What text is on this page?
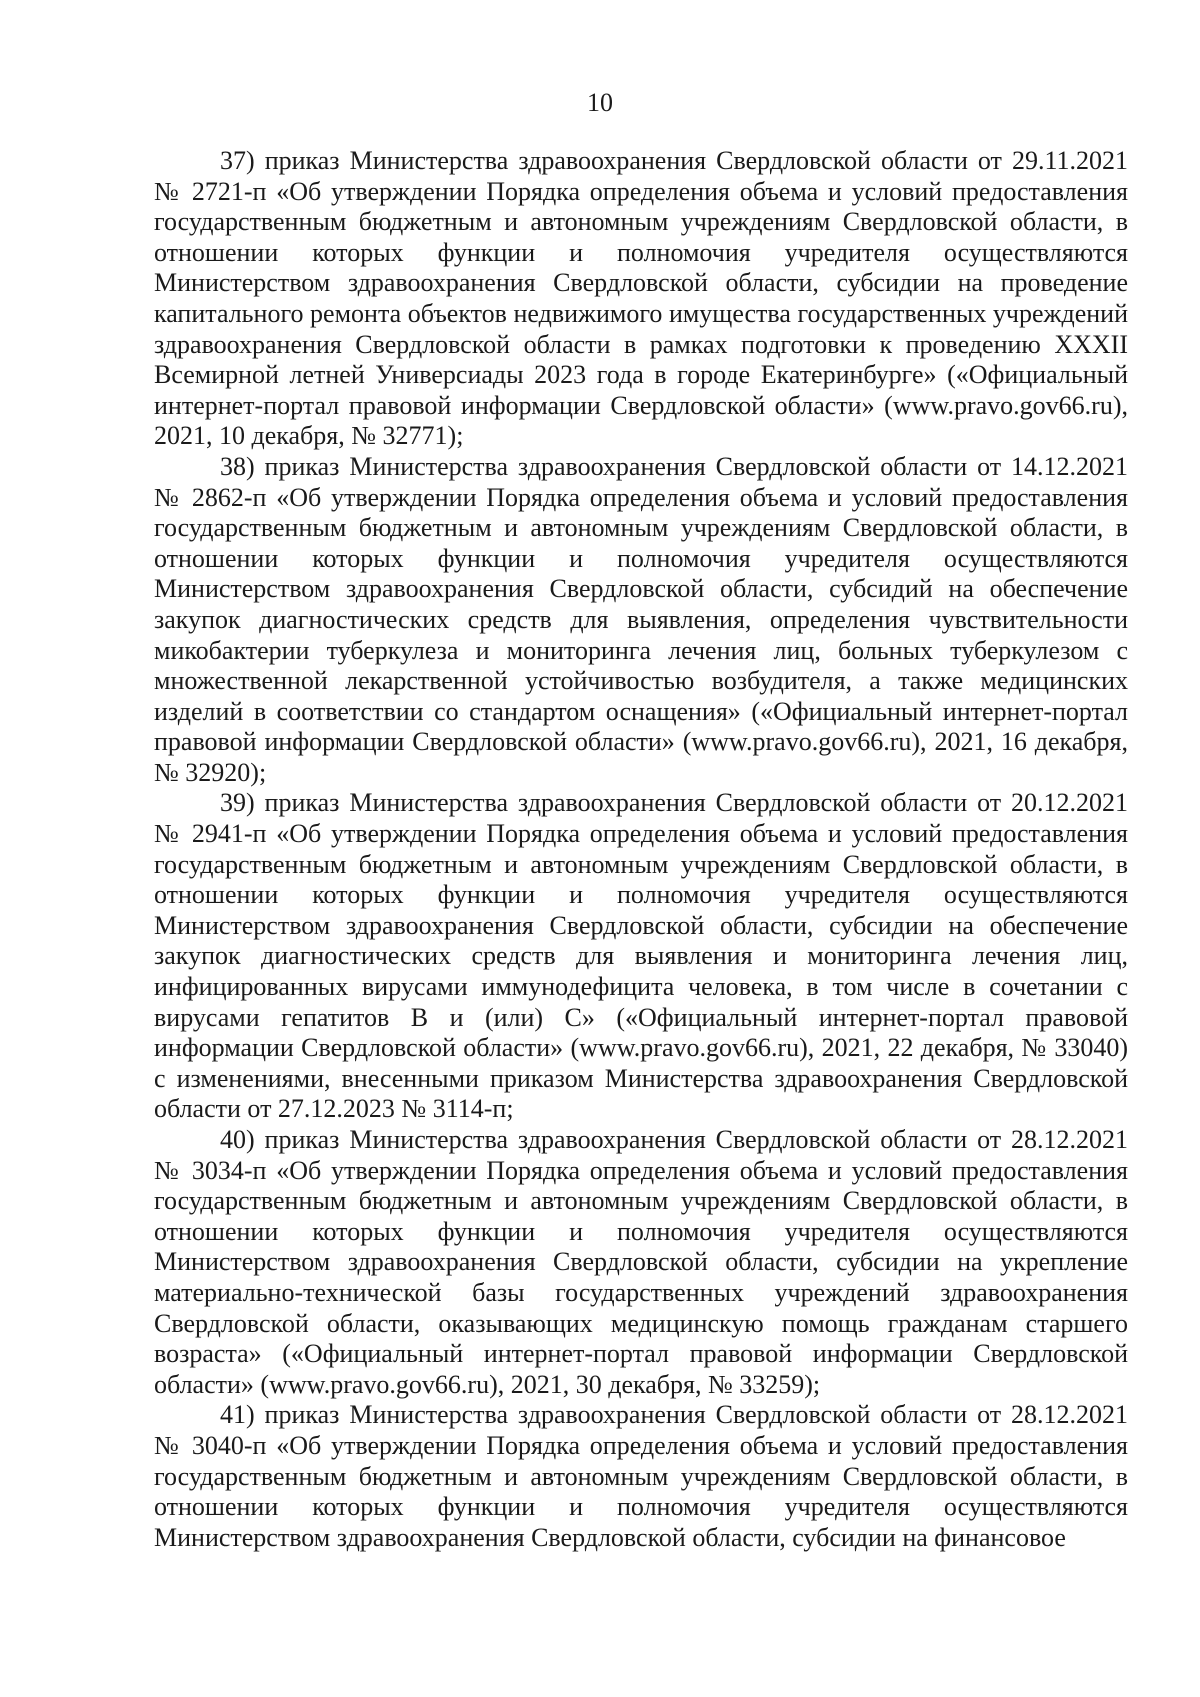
10

37) приказ Министерства здравоохранения Свердловской области от 29.11.2021 № 2721-п «Об утверждении Порядка определения объема и условий предоставления государственным бюджетным и автономным учреждениям Свердловской области, в отношении которых функции и полномочия учредителя осуществляются Министерством здравоохранения Свердловской области, субсидии на проведение капитального ремонта объектов недвижимого имущества государственных учреждений здравоохранения Свердловской области в рамках подготовки к проведению XXXII Всемирной летней Универсиады 2023 года в городе Екатеринбурге» («Официальный интернет-портал правовой информации Свердловской области» (www.pravo.gov66.ru), 2021, 10 декабря, № 32771);

38) приказ Министерства здравоохранения Свердловской области от 14.12.2021 № 2862-п «Об утверждении Порядка определения объема и условий предоставления государственным бюджетным и автономным учреждениям Свердловской области, в отношении которых функции и полномочия учредителя осуществляются Министерством здравоохранения Свердловской области, субсидий на обеспечение закупок диагностических средств для выявления, определения чувствительности микобактерии туберкулеза и мониторинга лечения лиц, больных туберкулезом с множественной лекарственной устойчивостью возбудителя, а также медицинских изделий в соответствии со стандартом оснащения» («Официальный интернет-портал правовой информации Свердловской области» (www.pravo.gov66.ru), 2021, 16 декабря, № 32920);

39) приказ Министерства здравоохранения Свердловской области от 20.12.2021 № 2941-п «Об утверждении Порядка определения объема и условий предоставления государственным бюджетным и автономным учреждениям Свердловской области, в отношении которых функции и полномочия учредителя осуществляются Министерством здравоохранения Свердловской области, субсидии на обеспечение закупок диагностических средств для выявления и мониторинга лечения лиц, инфицированных вирусами иммунодефицита человека, в том числе в сочетании с вирусами гепатитов В и (или) С» («Официальный интернет-портал правовой информации Свердловской области» (www.pravo.gov66.ru), 2021, 22 декабря, № 33040) с изменениями, внесенными приказом Министерства здравоохранения Свердловской области от 27.12.2023 № 3114-п;

40) приказ Министерства здравоохранения Свердловской области от 28.12.2021 № 3034-п «Об утверждении Порядка определения объема и условий предоставления государственным бюджетным и автономным учреждениям Свердловской области, в отношении которых функции и полномочия учредителя осуществляются Министерством здравоохранения Свердловской области, субсидии на укрепление материально-технической базы государственных учреждений здравоохранения Свердловской области, оказывающих медицинскую помощь гражданам старшего возраста» («Официальный интернет-портал правовой информации Свердловской области» (www.pravo.gov66.ru), 2021, 30 декабря, № 33259);

41) приказ Министерства здравоохранения Свердловской области от 28.12.2021 № 3040-п «Об утверждении Порядка определения объема и условий предоставления государственным бюджетным и автономным учреждениям Свердловской области, в отношении которых функции и полномочия учредителя осуществляются Министерством здравоохранения Свердловской области, субсидии на финансовое
